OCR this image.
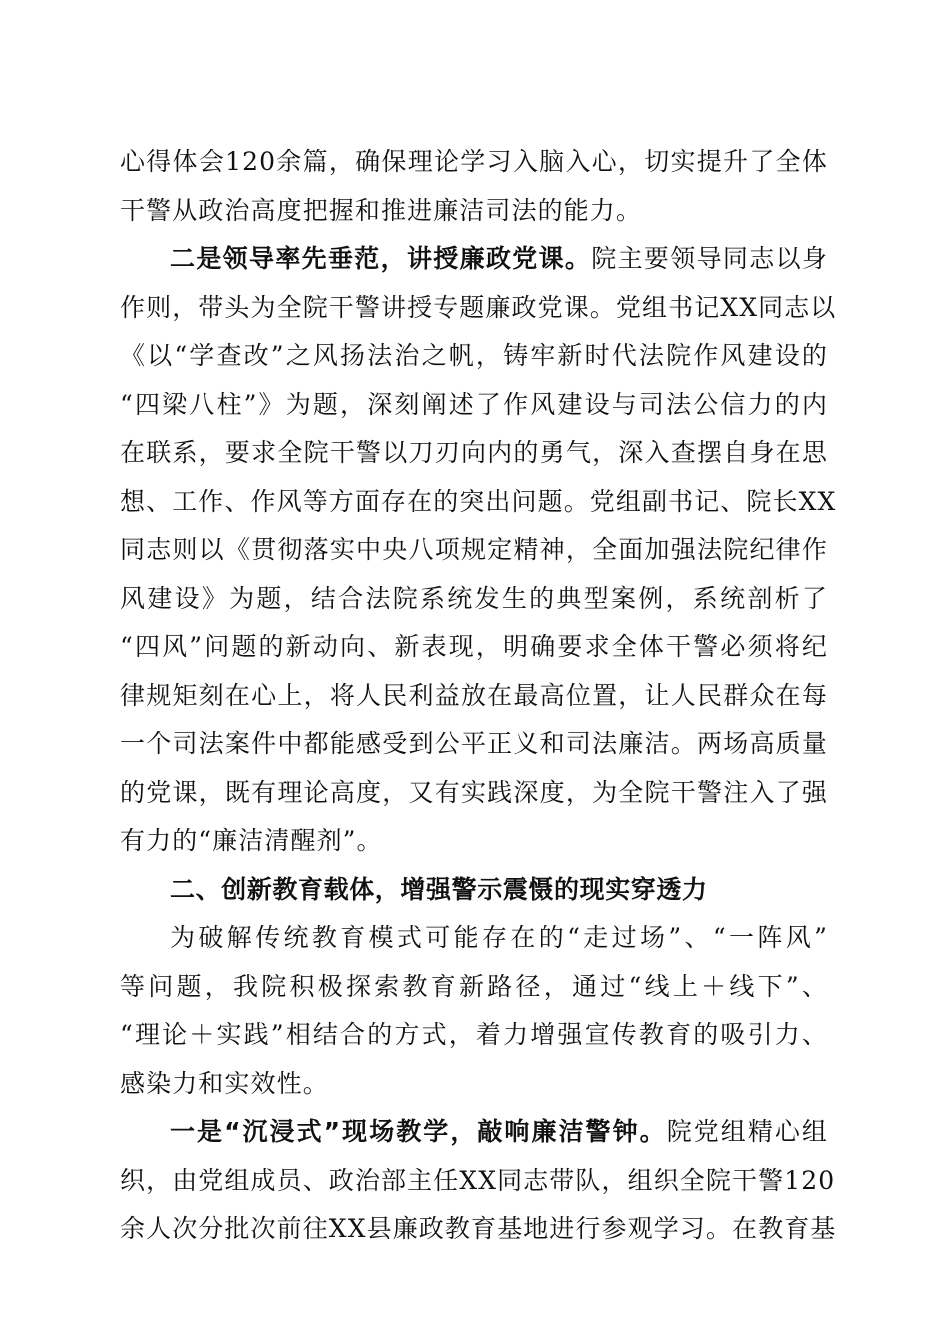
心得体会120余篇，确保理论学习入脑入心，切实提升了全体
干警从政治高度把握和推进廉洁司法的能力。
二是领导率先垂范，讲授廉政党课。院主要领导同志以身
作则，带头为全院干警讲授专题廉政党课。党组书记XX同志以
《以“学查改”之风扬法治之帆，铸牢新时代法院作风建设的
“四梁八柱”》为题，深刻阐述了作风建设与司法公信力的内
在联系，要求全院干警以刀刃向内的勇气，深入查摆自身在思
想、工作、作风等方面存在的突出问题。党组副书记、院长XX
同志则以《贯彻落实中央八项规定精神，全面加强法院纪律作
风建设》为题，结合法院系统发生的典型案例，系统剖析了
“四风”问题的新动向、新表现，明确要求全体干警必须将纪
律规矩刻在心上，将人民利益放在最高位置，让人民群众在每
一个司法案件中都能感受到公平正义和司法廉洁。两场高质量
的党课，既有理论高度，又有实践深度，为全院干警注入了强
有力的“廉洁清醒剂”。
二、创新教育载体，增强警示震慑的现实穿透力
为破解传统教育模式可能存在的“走过场”、“一阵风”
等问题，我院积极探索教育新路径，通过“线上＋线下”、
“理论＋实践”相结合的方式，着力增强宣传教育的吸引力、
感染力和实效性。
一是“沉浸式”现场教学，敲响廉洁警钟。院党组精心组
织，由党组成员、政治部主任XX同志带队，组织全院干警120
余人次分批次前往XX县廉政教育基地进行参观学习。在教育基
